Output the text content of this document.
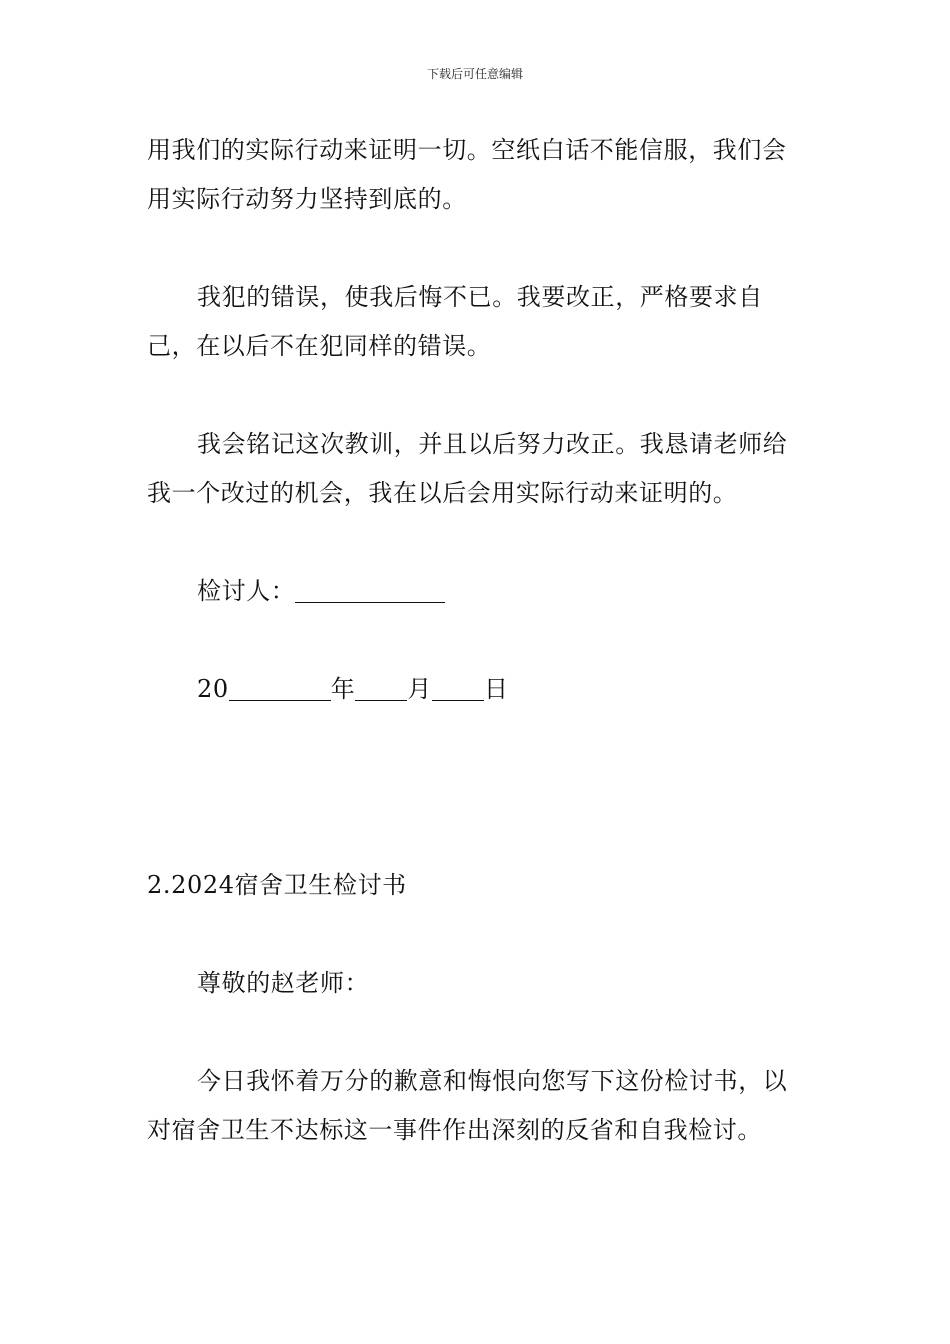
下载后可任意编辑

用我们的实际行动来证明一切。空纸白话不能信服，我们会用实际行动努力坚持到底的。

我犯的错误，使我后悔不已。我要改正，严格要求自己，在以后不在犯同样的错误。

我会铭记这次教训，并且以后努力改正。我恳请老师给我一个改过的机会，我在以后会用实际行动来证明的。

检讨人：

20	年 月 日

2.2024宿舍卫生检讨书

尊敬的赵老师：

今日我怀着万分的歉意和悔恨向您写下这份检讨书，以对宿舍卫生不达标这一事件作出深刻的反省和自我检讨。
